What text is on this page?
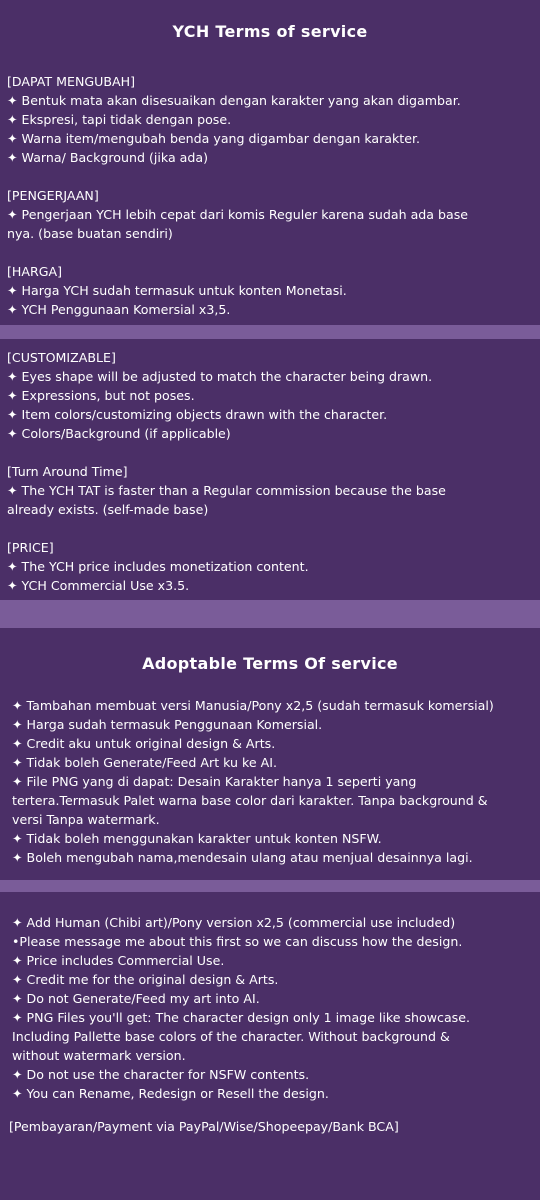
YCH Terms of service

[DAPAT MENGUBAH]

✦ Bentuk mata akan disesuaikan dengan karakter yang akan digambar.

✦ Ekspresi, tapi tidak dengan pose.

✦ Warna item/mengubah benda yang digambar dengan karakter.

✦ Warna/ Background (jika ada)

[PENGERJAAN]

✦ Pengerjaan YCH lebih cepat dari komis Reguler karena sudah ada base

nya. (base buatan sendiri)

[HARGA]

✦ Harga YCH sudah termasuk untuk konten Monetasi.

✦ YCH Penggunaan Komersial x3,5.

[CUSTOMIZABLE]

✦ Eyes shape will be adjusted to match the character being drawn.

✦ Expressions, but not poses.

✦ Item colors/customizing objects drawn with the character.

✦ Colors/Background (if applicable)

[Turn Around Time]

✦ The YCH TAT is faster than a Regular commission because the base

already exists. (self-made base)

[PRICE]

✦ The YCH price includes monetization content.

✦ YCH Commercial Use x3.5.

Adoptable Terms Of service

✦ Tambahan membuat versi Manusia/Pony x2,5 (sudah termasuk komersial)

✦ Harga sudah termasuk Penggunaan Komersial.

✦ Credit aku untuk original design & Arts.

✦ Tidak boleh Generate/Feed Art ku ke AI.

✦ File PNG yang di dapat: Desain Karakter hanya 1 seperti yang

tertera.Termasuk Palet warna base color dari karakter. Tanpa background &

versi Tanpa watermark.

✦ Tidak boleh menggunakan karakter untuk konten NSFW.

✦ Boleh mengubah nama,mendesain ulang atau menjual desainnya lagi.

✦ Add Human (Chibi art)/Pony version x2,5 (commercial use included)

•Please message me about this first so we can discuss how the design.

✦ Price includes Commercial Use.

✦ Credit me for the original design & Arts.

✦ Do not Generate/Feed my art into AI.

✦ PNG Files you'll get: The character design only 1 image like showcase.

Including Pallette base colors of the character. Without background &

without watermark version.

✦ Do not use the character for NSFW contents.

✦ You can Rename, Redesign or Resell the design.

[Pembayaran/Payment via PayPal/Wise/Shopeepay/Bank BCA]
